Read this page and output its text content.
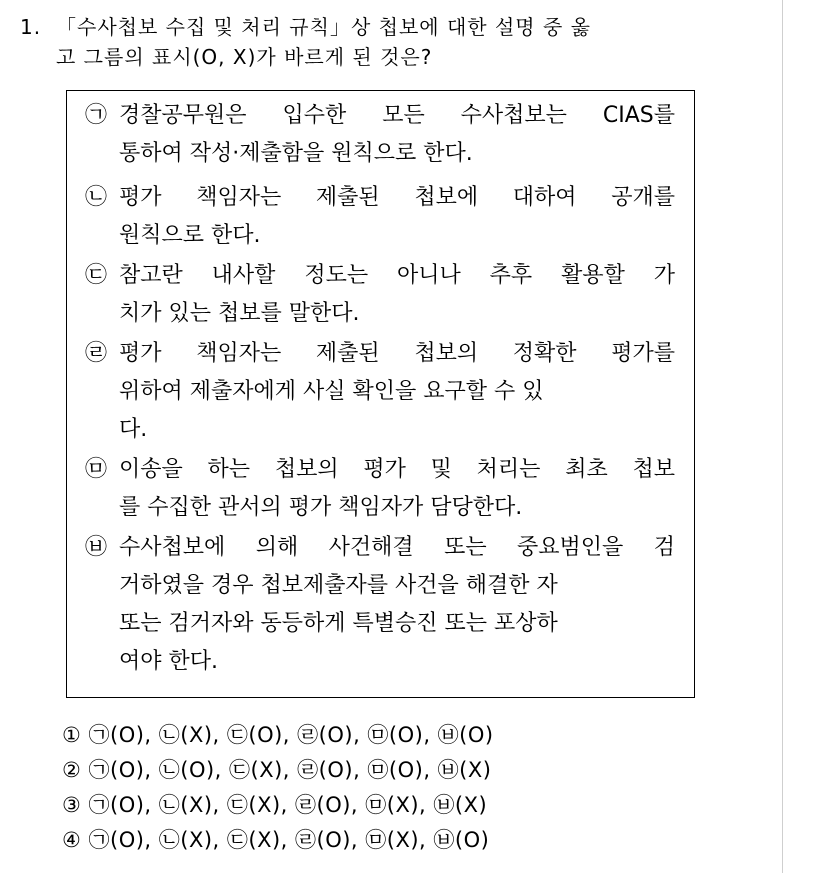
1. 「수사첩보 수집 및 처리 규칙」상 첩보에 대한 설명 중 옳
고 그름의 표시(O, X)가 바르게 된 것은?
㉠ 경찰공무원은 입수한 모든 수사첩보는 CIAS를
통하여 작성·제출함을 원칙으로 한다.
㉡ 평가 책임자는 제출된 첩보에 대하여 공개를
원칙으로 한다.
㉢ 참고란 내사할 정도는 아니나 추후 활용할 가
치가 있는 첩보를 말한다.
㉣ 평가 책임자는 제출된 첩보의 정확한 평가를
위하여 제출자에게 사실 확인을 요구할 수 있
다.
㉤ 이송을 하는 첩보의 평가 및 처리는 최초 첩보
를 수집한 관서의 평가 책임자가 담당한다.
㉥ 수사첩보에 의해 사건해결 또는 중요범인을 검
거하였을 경우 첩보제출자를 사건을 해결한 자
또는 검거자와 동등하게 특별승진 또는 포상하
여야 한다.
① ㉠(O), ㉡(X), ㉢(O), ㉣(O), ㉤(O), ㉥(O)
② ㉠(O), ㉡(O), ㉢(X), ㉣(O), ㉤(O), ㉥(X)
③ ㉠(O), ㉡(X), ㉢(X), ㉣(O), ㉤(X), ㉥(X)
④ ㉠(O), ㉡(X), ㉢(X), ㉣(O), ㉤(X), ㉥(O)
